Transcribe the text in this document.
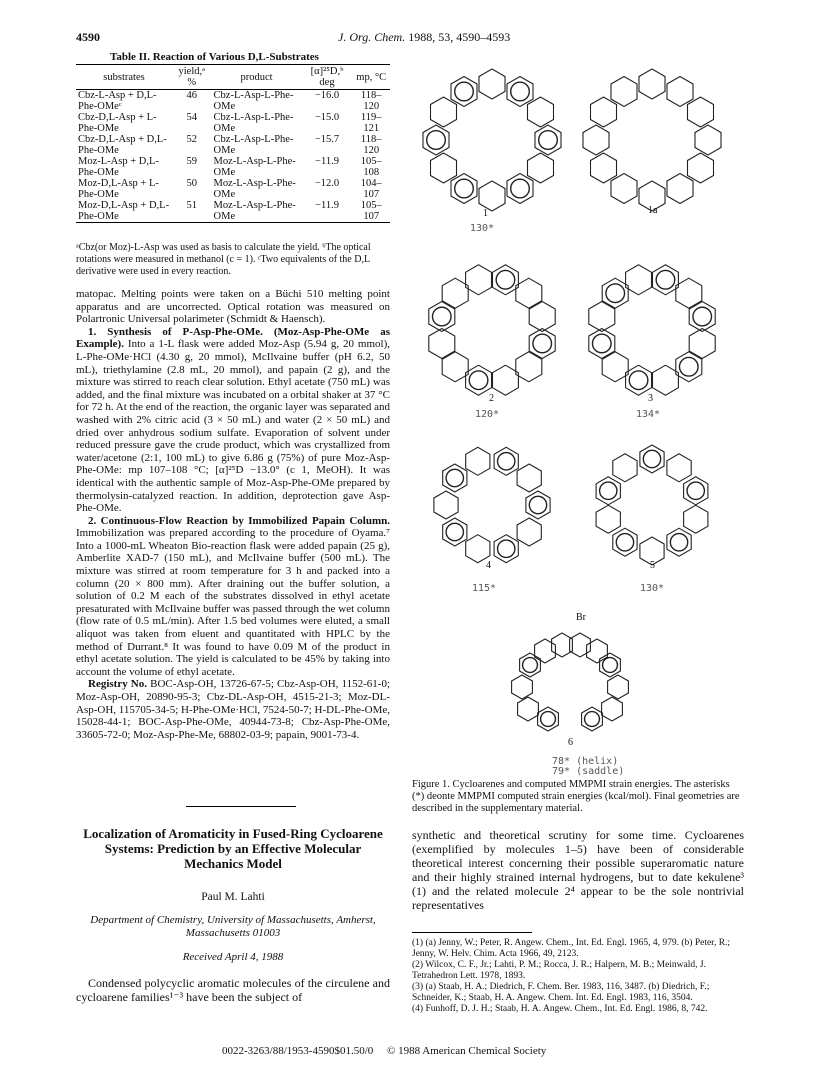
4590	J. Org. Chem. 1988, 53, 4590–4593
Table II. Reaction of Various D,L-Substrates
substrates	yield,ᵃ %	product	[α]²⁵D,ᵇ deg	mp, °C
Cbz-L-Asp + D,L-Phe-OMeᶜ	46	Cbz-L-Asp-L-Phe-OMe	−16.0	118–120
Cbz-D,L-Asp + L-Phe-OMe	54	Cbz-L-Asp-L-Phe-OMe	−15.0	119–121
Cbz-D,L-Asp + D,L-Phe-OMe	52	Cbz-L-Asp-L-Phe-OMe	−15.7	118–120
Moz-L-Asp + D,L-Phe-OMe	59	Moz-L-Asp-L-Phe-OMe	−11.9	105–108
Moz-D,L-Asp + L-Phe-OMe	50	Moz-L-Asp-L-Phe-OMe	−12.0	104–107
Moz-D,L-Asp + D,L-Phe-OMe	51	Moz-L-Asp-L-Phe-OMe	−11.9	105–107
ᵃCbz(or Moz)-L-Asp was used as basis to calculate the yield. ᵇThe optical rotations were measured in methanol (c = 1). ᶜTwo equivalents of the D,L derivative were used in every reaction.

matopac. Melting points were taken on a Büchi 510 melting point apparatus and are uncorrected. Optical rotation was measured on Polartronic Universal polarimeter (Schmidt & Haensch).

1. Synthesis of P-Asp-Phe-OMe. (Moz-Asp-Phe-OMe as Example). Into a 1-L flask were added Moz-Asp (5.94 g, 20 mmol), L-Phe-OMe·HCl (4.30 g, 20 mmol), McIlvaine buffer (pH 6.2, 50 mL), triethylamine (2.8 mL, 20 mmol), and papain (2 g), and the mixture was stirred to reach clear solution. Ethyl acetate (750 mL) was added, and the final mixture was incubated on a orbital shaker at 37 °C for 72 h. At the end of the reaction, the organic layer was separated and washed with 2% citric acid (3 × 50 mL) and water (2 × 50 mL) and dried over anhydrous sodium sulfate. Evaporation of solvent under reduced pressure gave the crude product, which was crystallized from water/acetone (2:1, 100 mL) to give 6.86 g (75%) of pure Moz-Asp-Phe-OMe: mp 107–108 °C; [α]²⁵D −13.0° (c 1, MeOH). It was identical with the authentic sample of Moz-Asp-Phe-OMe prepared by thermolysin-catalyzed reaction. In addition, deprotection gave Asp-Phe-OMe.

2. Continuous-Flow Reaction by Immobilized Papain Column. Immobilization was prepared according to the procedure of Oyama.⁷ Into a 1000-mL Wheaton Bio-reaction flask were added papain (25 g), Amberlite XAD-7 (150 mL), and McIlvaine buffer (500 mL). The mixture was stirred at room temperature for 3 h and packed into a column (20 × 800 mm). After draining out the buffer solution, a solution of 0.2 M each of the substrates dissolved in ethyl acetate presaturated with McIlvaine buffer was passed through the wet column (flow rate of 0.5 mL/min). After 1.5 bed volumes were eluted, a small aliquot was taken from eluent and quantitated with HPLC by the method of Durrant.⁸ It was found to have 0.09 M of the product in ethyl acetate solution. The yield is calculated to be 45% by taking into account the volume of ethyl acetate.

Registry No. BOC-Asp-OH, 13726-67-5; Cbz-Asp-OH, 1152-61-0; Moz-Asp-OH, 20890-95-3; Cbz-DL-Asp-OH, 4515-21-3; Moz-DL-Asp-OH, 115705-34-5; H-Phe-OMe·HCl, 7524-50-7; H-DL-Phe-OMe, 15028-44-1; BOC-Asp-Phe-OMe, 40944-73-8; Cbz-Asp-Phe-OMe, 33605-72-0; Moz-Asp-Phe-Me, 68802-03-9; papain, 9001-73-4.

Localization of Aromaticity in Fused-Ring Cycloarene Systems: Prediction by an Effective Molecular Mechanics Model
Paul M. Lahti
Department of Chemistry, University of Massachusetts, Amherst, Massachusetts 01003
Received April 4, 1988

Condensed polycyclic aromatic molecules of the circulene and cycloarene families¹⁻³ have been the subject of

1	1a
130*
2	3
120*	134*
4	5
115*	130*
Br
6
78* (helix)
79* (saddle)
Figure 1. Cycloarenes and computed MMPMI strain energies. The asterisks (*) deonte MMPMI computed strain energies (kcal/mol). Final geometries are described in the supplementary material.

synthetic and theoretical scrutiny for some time. Cycloarenes (exemplified by molecules 1–5) have been of considerable theoretical interest concerning their possible superaromatic nature and their highly strained internal hydrogens, but to date kekulene³ (1) and the related molecule 2⁴ appear to be the sole nontrivial representatives

(1) (a) Jenny, W.; Peter, R. Angew. Chem., Int. Ed. Engl. 1965, 4, 979. (b) Peter, R.; Jenny, W. Helv. Chim. Acta 1966, 49, 2123.

(2) Wilcox, C. F., Jr.; Lahti, P. M.; Rocca, J. R.; Halpern, M. B.; Meinwald, J. Tetrahedron Lett. 1978, 1893.

(3) (a) Staab, H. A.; Diedrich, F. Chem. Ber. 1983, 116, 3487. (b) Diedrich, F.; Schneider, K.; Staab, H. A. Angew. Chem. Int. Ed. Engl. 1983, 116, 3504.

(4) Funhoff, D. J. H.; Staab, H. A. Angew. Chem., Int. Ed. Engl. 1986, 8, 742.

0022-3263/88/1953-4590$01.50/0 © 1988 American Chemical Society
